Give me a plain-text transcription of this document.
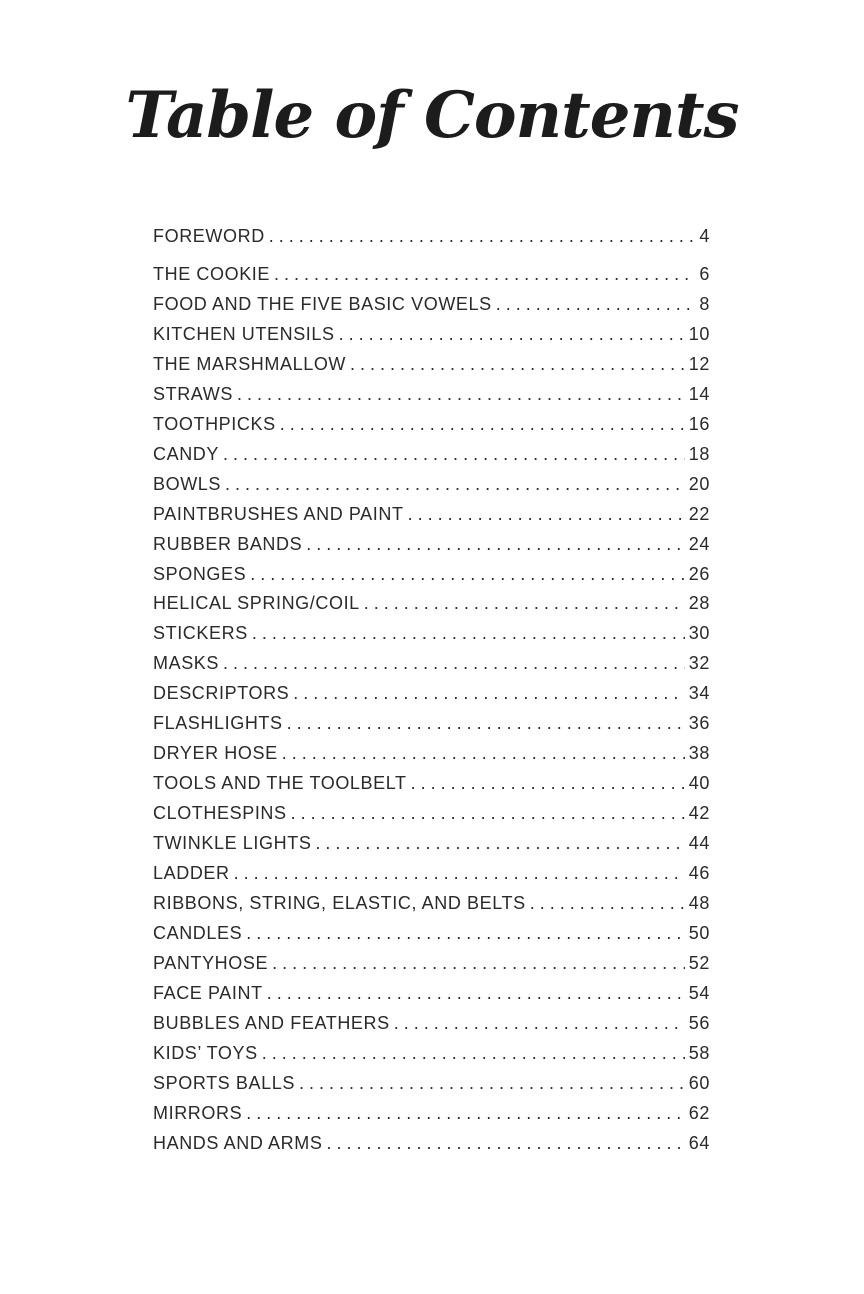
Table of Contents
FOREWORD . . .	4
THE COOKIE . . .	6
FOOD AND THE FIVE BASIC VOWELS . . .	8
KITCHEN UTENSILS . . .	10
THE MARSHMALLOW . . .	12
STRAWS . . .	14
TOOTHPICKS . . .	16
CANDY . . .	18
BOWLS . . .	20
PAINTBRUSHES AND PAINT . . .	22
RUBBER BANDS . . .	24
SPONGES . . .	26
HELICAL SPRING/COIL . . .	28
STICKERS . . .	30
MASKS . . .	32
DESCRIPTORS . . .	34
FLASHLIGHTS . . .	36
DRYER HOSE . . .	38
TOOLS AND THE TOOLBELT . . .	40
CLOTHESPINS . . .	42
TWINKLE LIGHTS . . .	44
LADDER . . .	46
RIBBONS, STRING, ELASTIC, AND BELTS . . .	48
CANDLES . . .	50
PANTYHOSE . . .	52
FACE PAINT . . .	54
BUBBLES AND FEATHERS . . .	56
KIDS’ TOYS . . .	58
SPORTS BALLS . . .	60
MIRRORS . . .	62
HANDS AND ARMS . . .	64
